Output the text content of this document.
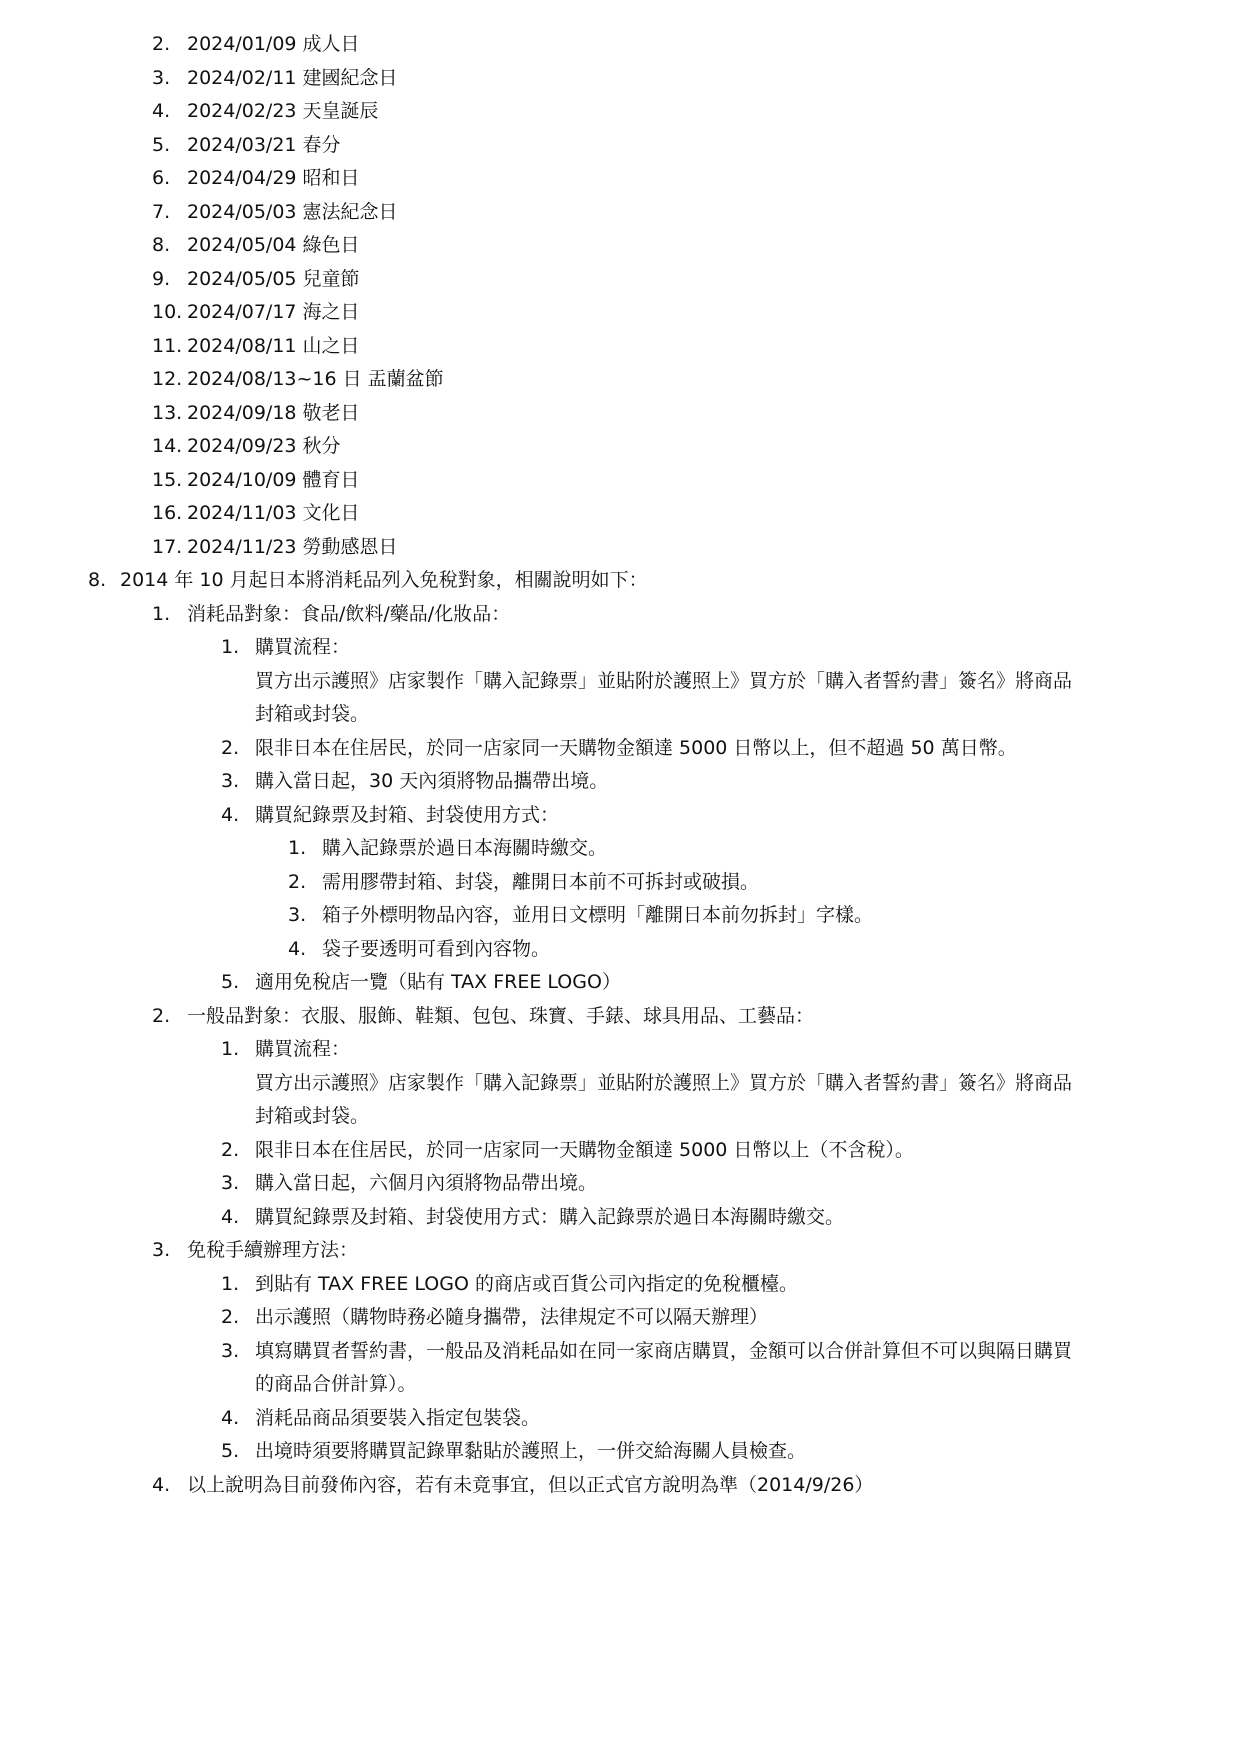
2. 2024/01/09 成人日
3. 2024/02/11 建國紀念日
4. 2024/02/23 天皇誕辰
5. 2024/03/21 春分
6. 2024/04/29 昭和日
7. 2024/05/03 憲法紀念日
8. 2024/05/04 綠色日
9. 2024/05/05 兒童節
10. 2024/07/17 海之日
11. 2024/08/11 山之日
12. 2024/08/13~16 日 盂蘭盆節
13. 2024/09/18 敬老日
14. 2024/09/23 秋分
15. 2024/10/09 體育日
16. 2024/11/03 文化日
17. 2024/11/23 勞動感恩日
8. 2014 年 10 月起日本將消耗品列入免稅對象，相關說明如下：
1. 消耗品對象：食品/飲料/藥品/化妝品：
1. 購買流程：
買方出示護照》店家製作「購入記錄票」並貼附於護照上》買方於「購入者誓約書」簽名》將商品
封箱或封袋。
2. 限非日本在住居民，於同一店家同一天購物金額達 5000 日幣以上，但不超過 50 萬日幣。
3. 購入當日起，30 天內須將物品攜帶出境。
4. 購買紀錄票及封箱、封袋使用方式：
1. 購入記錄票於過日本海關時繳交。
2. 需用膠帶封箱、封袋，離開日本前不可拆封或破損。
3. 箱子外標明物品內容，並用日文標明「離開日本前勿拆封」字樣。
4. 袋子要透明可看到內容物。
5. 適用免稅店一覽（貼有 TAX FREE LOGO）
2. 一般品對象：衣服、服飾、鞋類、包包、珠寶、手錶、球具用品、工藝品：
1. 購買流程：
買方出示護照》店家製作「購入記錄票」並貼附於護照上》買方於「購入者誓約書」簽名》將商品
封箱或封袋。
2. 限非日本在住居民，於同一店家同一天購物金額達 5000 日幣以上（不含稅）。
3. 購入當日起，六個月內須將物品帶出境。
4. 購買紀錄票及封箱、封袋使用方式：購入記錄票於過日本海關時繳交。
3. 免稅手續辦理方法：
1. 到貼有 TAX FREE LOGO 的商店或百貨公司內指定的免稅櫃檯。
2. 出示護照（購物時務必隨身攜帶，法律規定不可以隔天辦理）
3. 填寫購買者誓約書，一般品及消耗品如在同一家商店購買，金額可以合併計算但不可以與隔日購買
的商品合併計算）。
4. 消耗品商品須要裝入指定包裝袋。
5. 出境時須要將購買記錄單黏貼於護照上，一併交給海關人員檢查。
4. 以上說明為目前發佈內容，若有未竟事宜，但以正式官方說明為準（2014/9/26）
